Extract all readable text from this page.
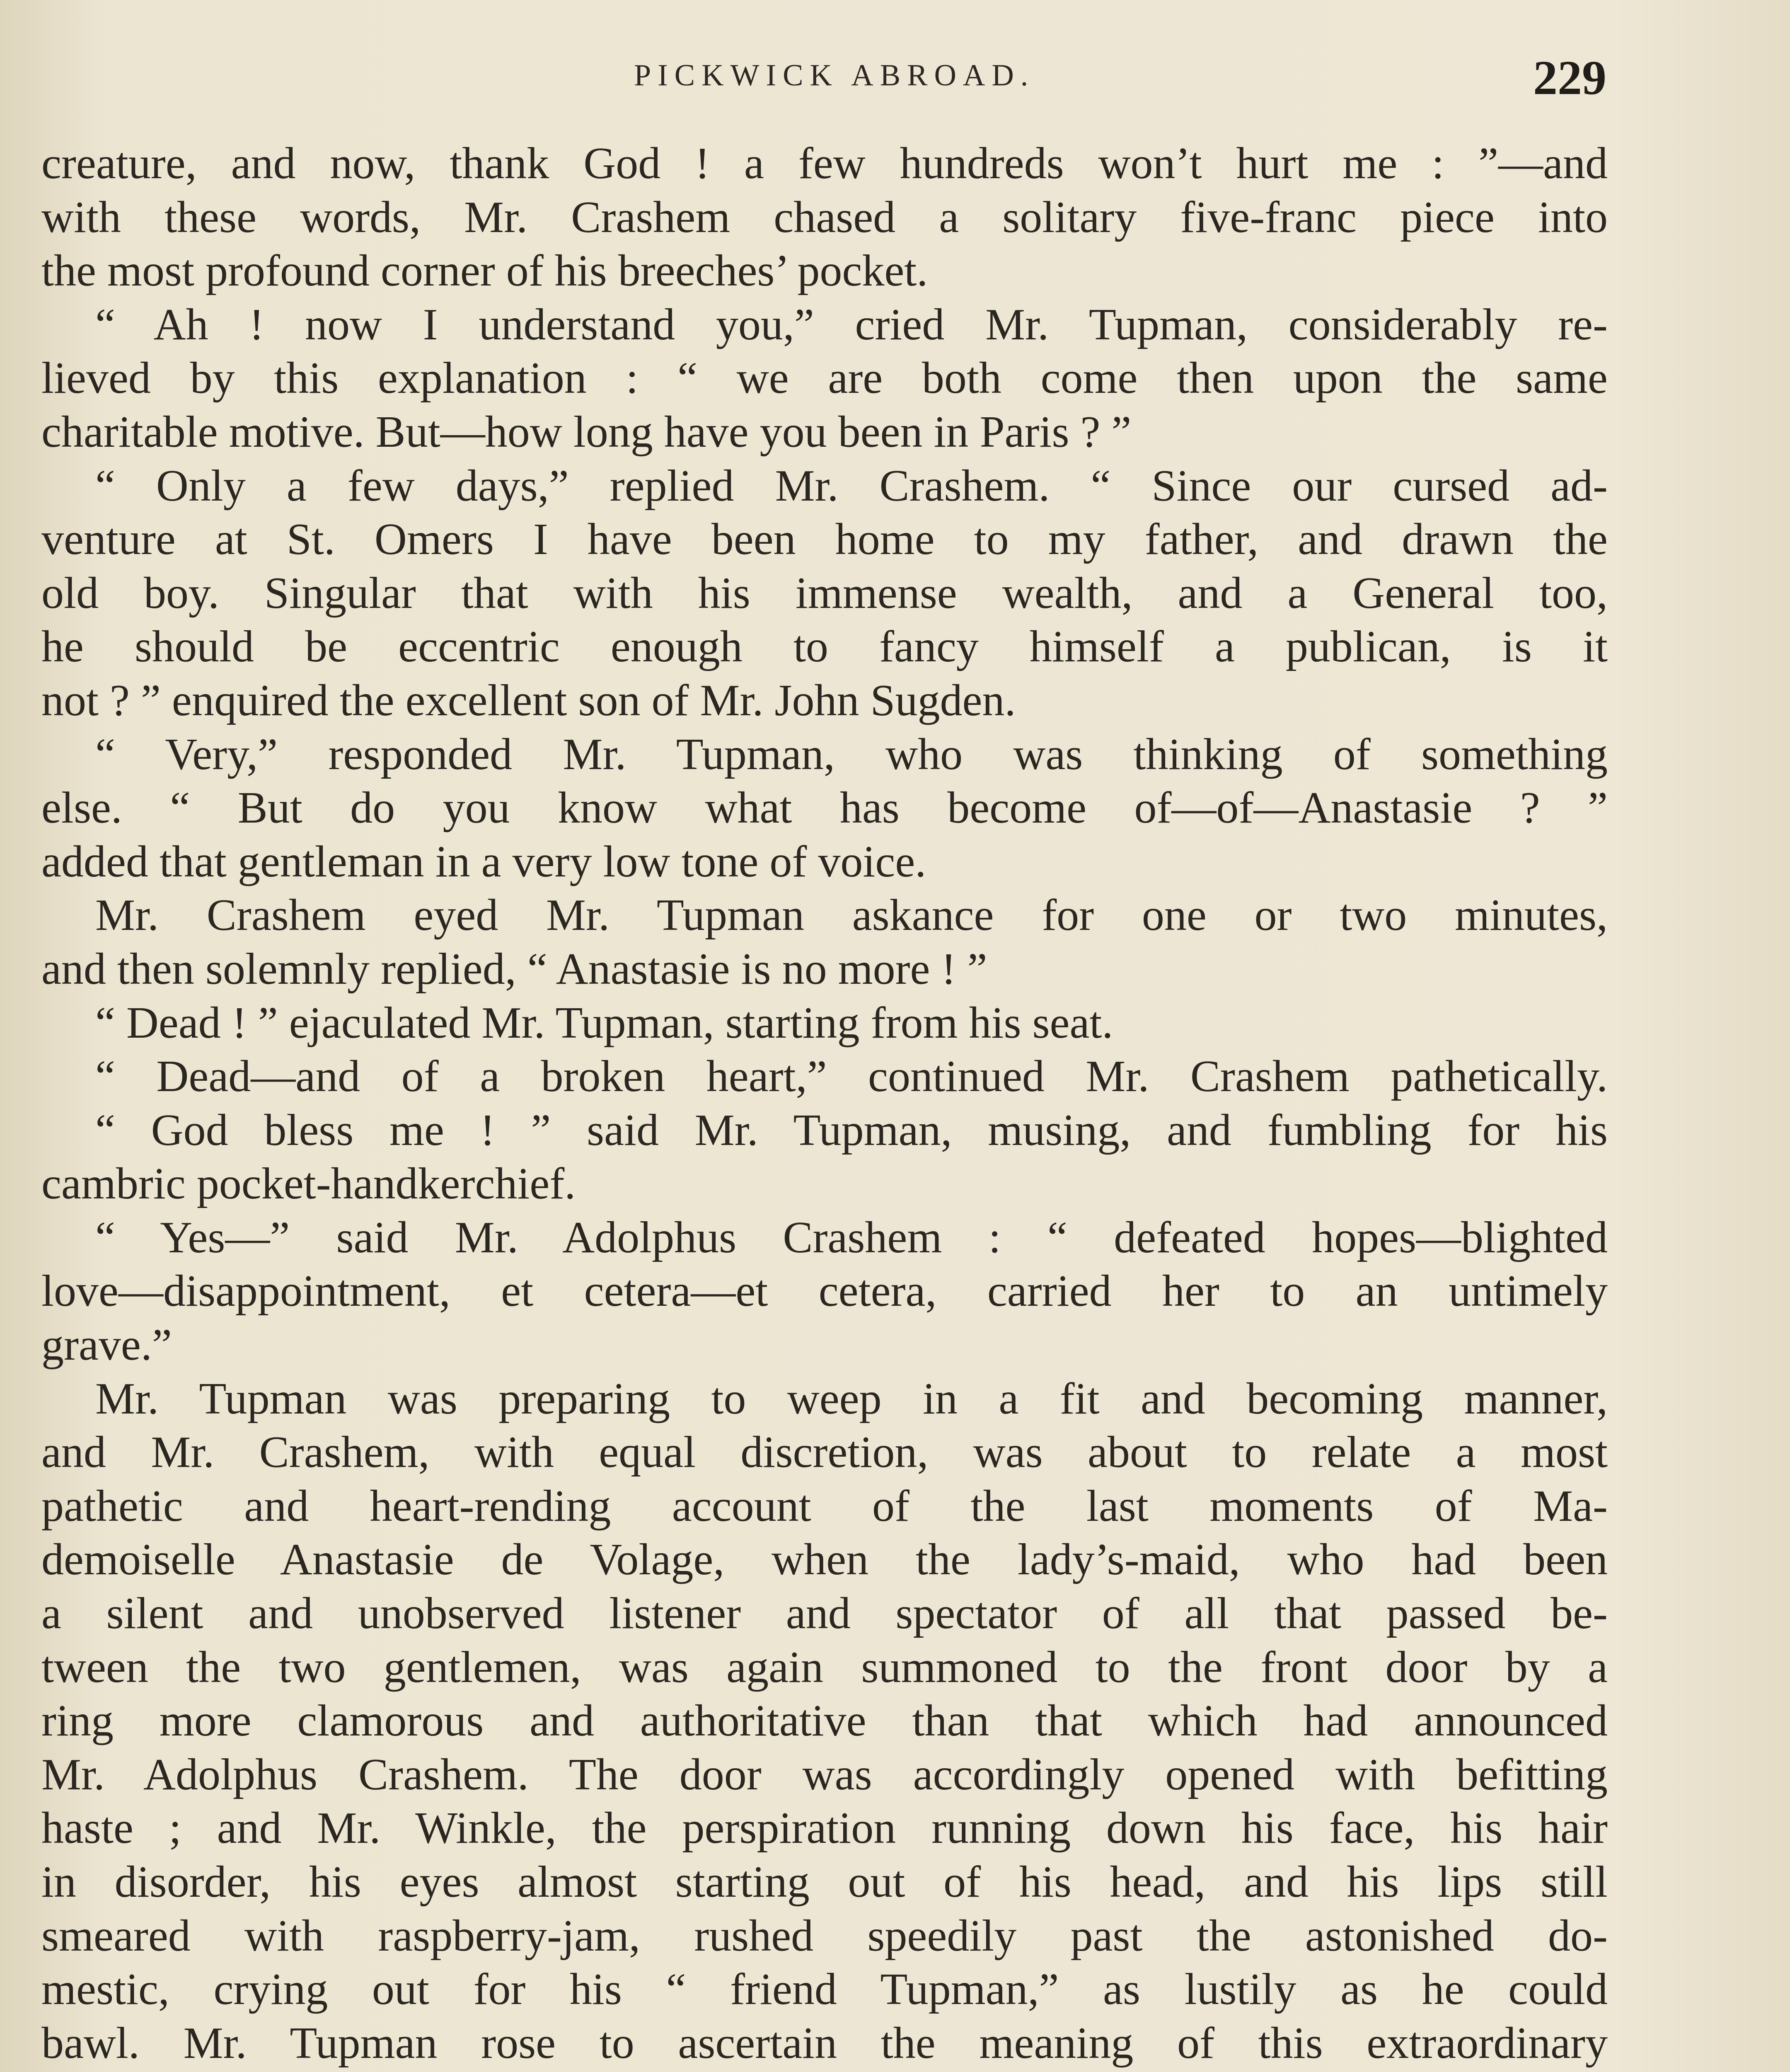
PICKWICK ABROAD.	229
creature, and now, thank God ! a few hundreds won’t hurt me : ”—and
with these words, Mr. Crashem chased a solitary five-franc piece into
the most profound corner of his breeches’ pocket.
“ Ah ! now I understand you,” cried Mr. Tupman, considerably re-
lieved by this explanation : “ we are both come then upon the same
charitable motive. But—how long have you been in Paris ? ”
“ Only a few days,” replied Mr. Crashem. “ Since our cursed ad-
venture at St. Omers I have been home to my father, and drawn the
old boy. Singular that with his immense wealth, and a General too,
he should be eccentric enough to fancy himself a publican, is it
not ? ” enquired the excellent son of Mr. John Sugden.
“ Very,” responded Mr. Tupman, who was thinking of something
else. “ But do you know what has become of—of—Anastasie ? ”
added that gentleman in a very low tone of voice.
Mr. Crashem eyed Mr. Tupman askance for one or two minutes,
and then solemnly replied, “ Anastasie is no more ! ”
“ Dead ! ” ejaculated Mr. Tupman, starting from his seat.
“ Dead—and of a broken heart,” continued Mr. Crashem pathetically.
“ God bless me ! ” said Mr. Tupman, musing, and fumbling for his
cambric pocket-handkerchief.
“ Yes—” said Mr. Adolphus Crashem : “ defeated hopes—blighted
love—disappointment, et cetera—et cetera, carried her to an untimely
grave.”
Mr. Tupman was preparing to weep in a fit and becoming manner,
and Mr. Crashem, with equal discretion, was about to relate a most
pathetic and heart-rending account of the last moments of Ma-
demoiselle Anastasie de Volage, when the lady’s-maid, who had been
a silent and unobserved listener and spectator of all that passed be-
tween the two gentlemen, was again summoned to the front door by a
ring more clamorous and authoritative than that which had announced
Mr. Adolphus Crashem. The door was accordingly opened with befitting
haste ; and Mr. Winkle, the perspiration running down his face, his hair
in disorder, his eyes almost starting out of his head, and his lips still
smeared with raspberry-jam, rushed speedily past the astonished do-
mestic, crying out for his “ friend Tupman,” as lustily as he could
bawl. Mr. Tupman rose to ascertain the meaning of this extraordinary
